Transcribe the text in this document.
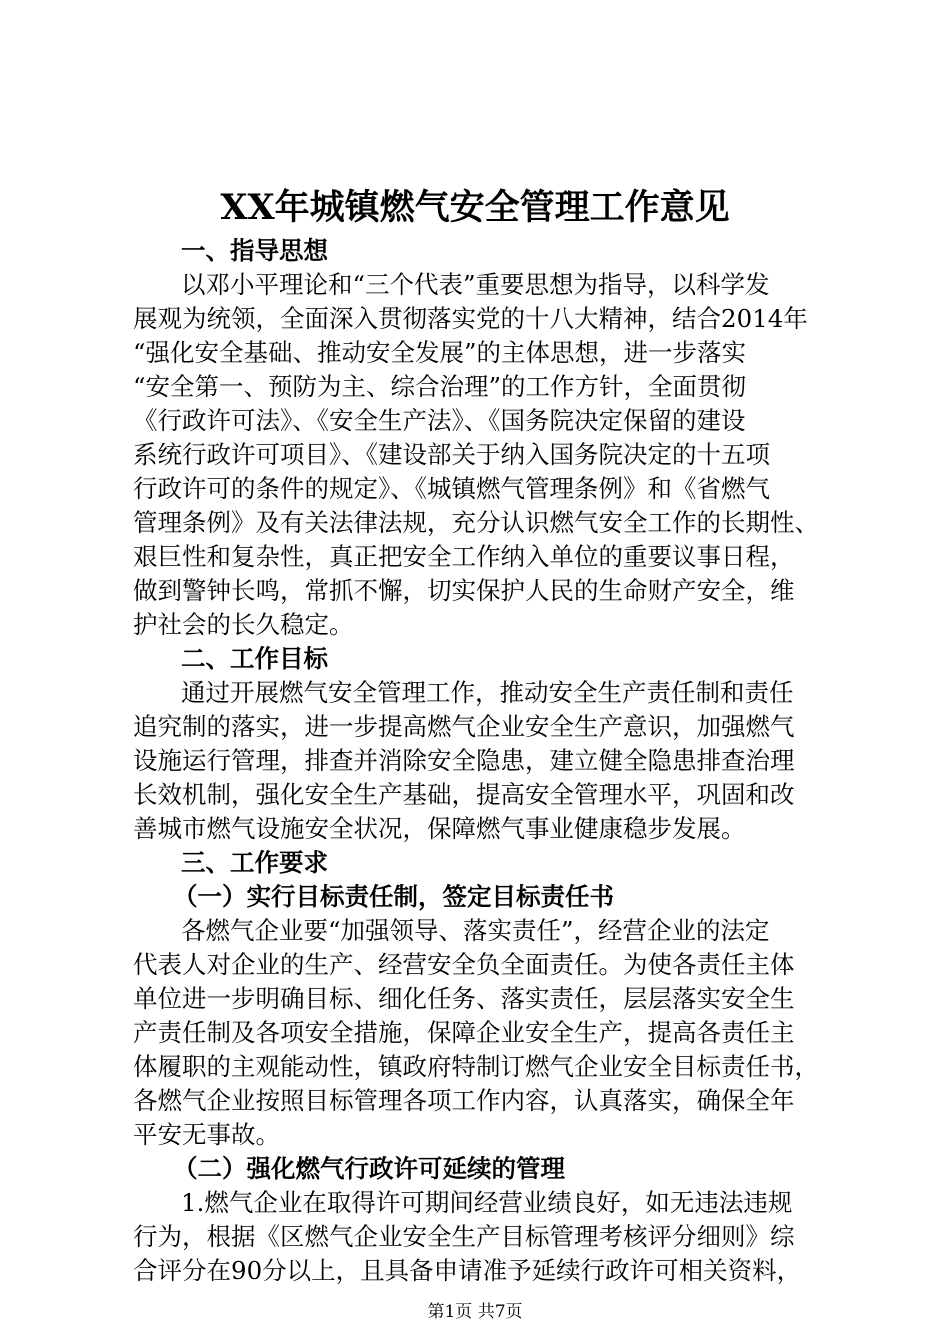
XX年城镇燃气安全管理工作意见
一、指导思想
以邓小平理论和“三个代表”重要思想为指导，以科学发
展观为统领，全面深入贯彻落实党的十八大精神，结合2014年
“强化安全基础、推动安全发展”的主体思想，进一步落实
“安全第一、预防为主、综合治理”的工作方针，全面贯彻
《行政许可法》、《安全生产法》、《国务院决定保留的建设
系统行政许可项目》、《建设部关于纳入国务院决定的十五项
行政许可的条件的规定》、《城镇燃气管理条例》和《省燃气
管理条例》及有关法律法规，充分认识燃气安全工作的长期性、
艰巨性和复杂性，真正把安全工作纳入单位的重要议事日程，
做到警钟长鸣，常抓不懈，切实保护人民的生命财产安全，维
护社会的长久稳定。
二、工作目标
通过开展燃气安全管理工作，推动安全生产责任制和责任
追究制的落实，进一步提高燃气企业安全生产意识，加强燃气
设施运行管理，排查并消除安全隐患，建立健全隐患排查治理
长效机制，强化安全生产基础，提高安全管理水平，巩固和改
善城市燃气设施安全状况，保障燃气事业健康稳步发展。
三、工作要求
（一）实行目标责任制，签定目标责任书
各燃气企业要“加强领导、落实责任”，经营企业的法定
代表人对企业的生产、经营安全负全面责任。为使各责任主体
单位进一步明确目标、细化任务、落实责任，层层落实安全生
产责任制及各项安全措施，保障企业安全生产，提高各责任主
体履职的主观能动性，镇政府特制订燃气企业安全目标责任书，
各燃气企业按照目标管理各项工作内容，认真落实，确保全年
平安无事故。
（二）强化燃气行政许可延续的管理
1.燃气企业在取得许可期间经营业绩良好，如无违法违规
行为，根据《区燃气企业安全生产目标管理考核评分细则》综
合评分在90分以上，且具备申请准予延续行政许可相关资料，
第1页 共7页
